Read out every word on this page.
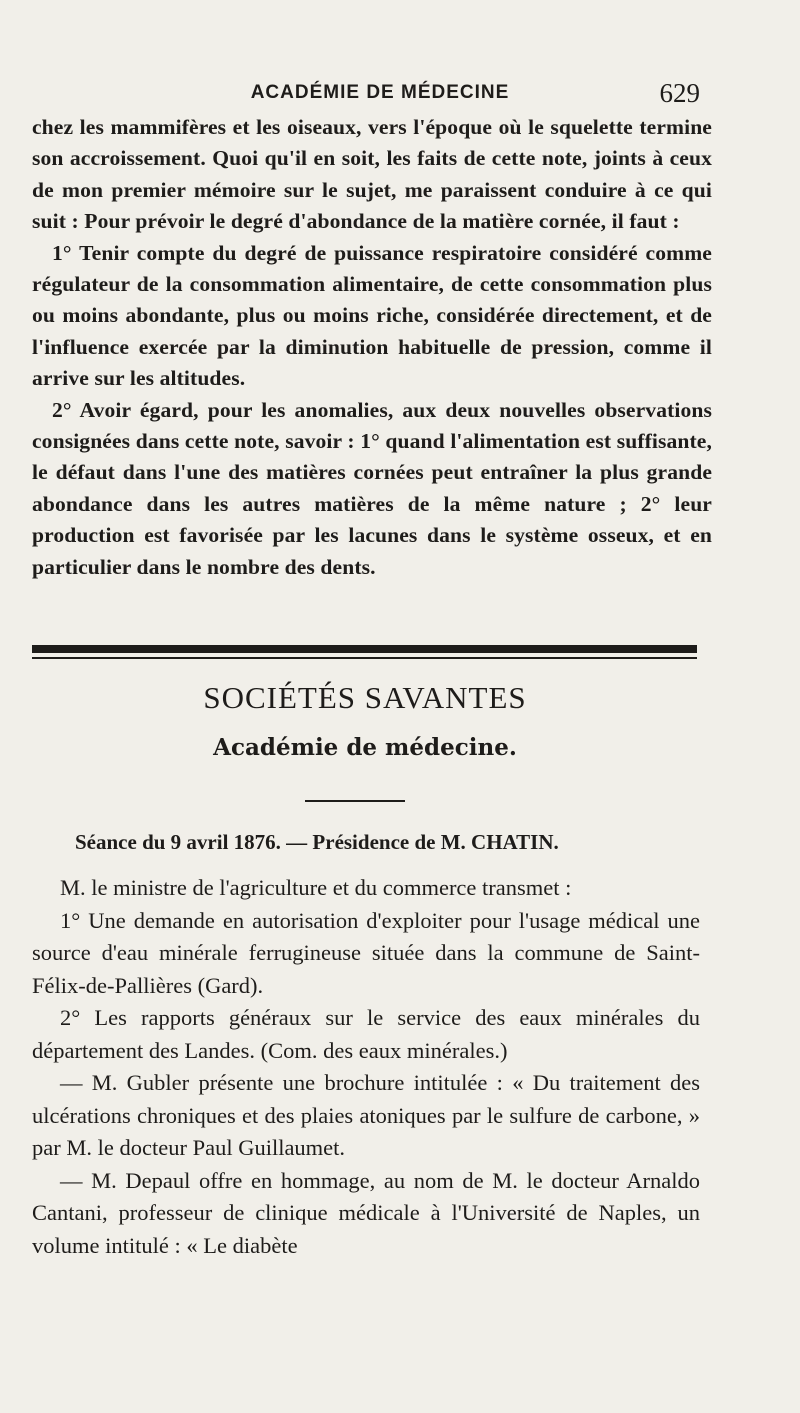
ACADÉMIE DE MÉDECINE	629

chez les mammifères et les oiseaux, vers l'époque où le squelette termine son accroissement. Quoi qu'il en soit, les faits de cette note, joints à ceux de mon premier mémoire sur le sujet, me paraissent conduire à ce qui suit : Pour prévoir le degré d'abondance de la matière cornée, il faut :

1° Tenir compte du degré de puissance respiratoire considéré comme régulateur de la consommation alimentaire, de cette consommation plus ou moins abondante, plus ou moins riche, considérée directement, et de l'influence exercée par la diminution habituelle de pression, comme il arrive sur les altitudes.

2° Avoir égard, pour les anomalies, aux deux nouvelles observations consignées dans cette note, savoir : 1° quand l'alimentation est suffisante, le défaut dans l'une des matières cornées peut entraîner la plus grande abondance dans les autres matières de la même nature ; 2° leur production est favorisée par les lacunes dans le système osseux, et en particulier dans le nombre des dents.

SOCIÉTÉS SAVANTES
Académie de médecine.
Séance du 9 avril 1876. — Présidence de M. CHATIN.

M. le ministre de l'agriculture et du commerce transmet :

1° Une demande en autorisation d'exploiter pour l'usage médical une source d'eau minérale ferrugineuse située dans la commune de Saint-Félix-de-Pallières (Gard).

2° Les rapports généraux sur le service des eaux minérales du département des Landes. (Com. des eaux minérales.)

— M. Gubler présente une brochure intitulée : « Du traitement des ulcérations chroniques et des plaies atoniques par le sulfure de carbone, » par M. le docteur Paul Guillaumet.

— M. Depaul offre en hommage, au nom de M. le docteur Arnaldo Cantani, professeur de clinique médicale à l'Université de Naples, un volume intitulé : « Le diabète
